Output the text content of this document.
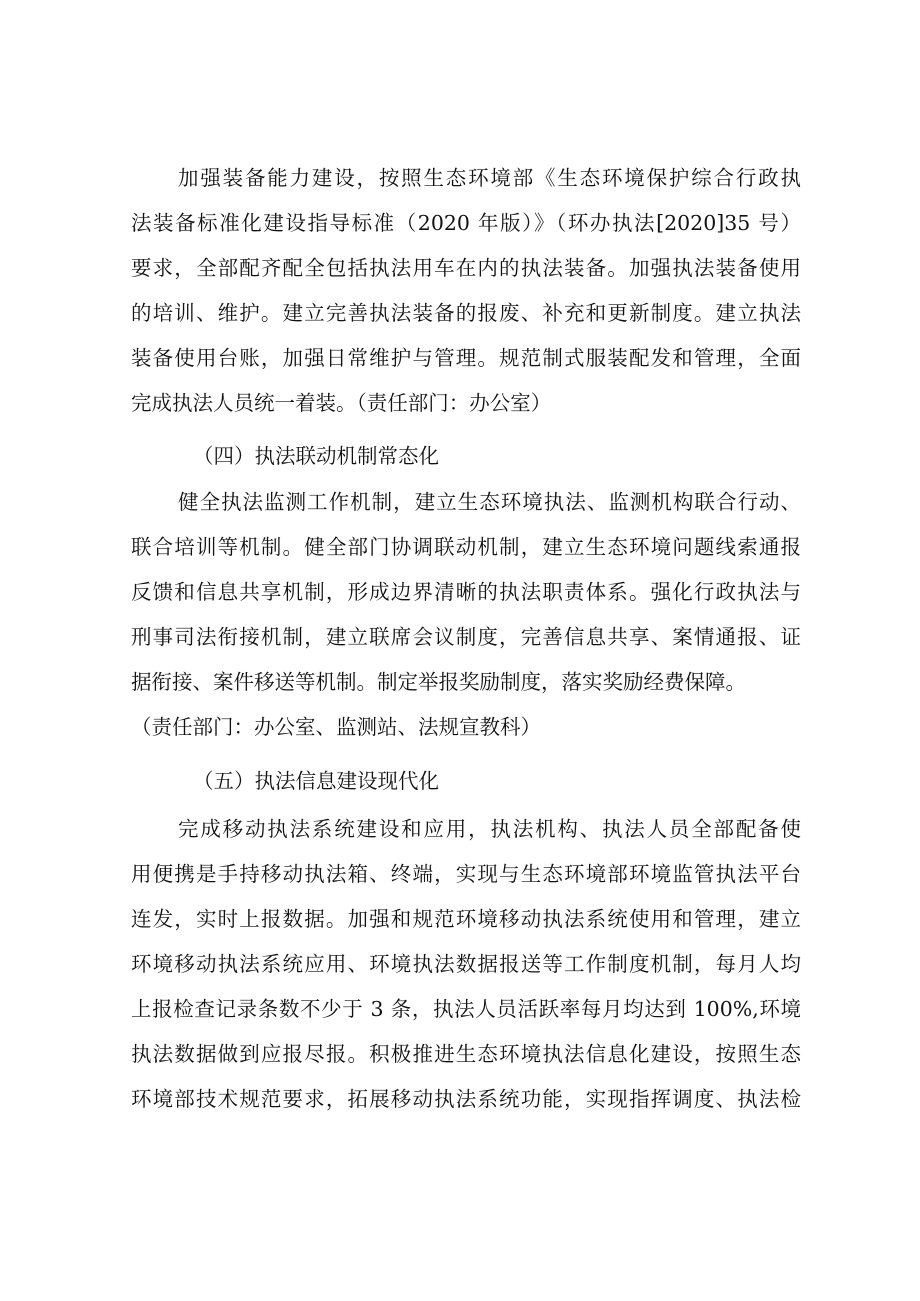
加强装备能力建设，按照生态环境部《生态环境保护综合行政执
法装备标准化建设指导标准（2020 年版）》（环办执法[2020]35 号）
要求，全部配齐配全包括执法用车在内的执法装备。加强执法装备使用
的培训、维护。建立完善执法装备的报废、补充和更新制度。建立执法
装备使用台账，加强日常维护与管理。规范制式服装配发和管理，全面
完成执法人员统一着装。（责任部门：办公室）
（四）执法联动机制常态化
健全执法监测工作机制，建立生态环境执法、监测机构联合行动、
联合培训等机制。健全部门协调联动机制，建立生态环境问题线索通报
反馈和信息共享机制，形成边界清晰的执法职责体系。强化行政执法与
刑事司法衔接机制，建立联席会议制度，完善信息共享、案情通报、证
据衔接、案件移送等机制。制定举报奖励制度，落实奖励经费保障。
（责任部门：办公室、监测站、法规宣教科）
（五）执法信息建设现代化
完成移动执法系统建设和应用，执法机构、执法人员全部配备使
用便携是手持移动执法箱、终端，实现与生态环境部环境监管执法平台
连发，实时上报数据。加强和规范环境移动执法系统使用和管理，建立
环境移动执法系统应用、环境执法数据报送等工作制度机制，每月人均
上报检查记录条数不少于 3 条，执法人员活跃率每月均达到 100%,环境
执法数据做到应报尽报。积极推进生态环境执法信息化建设，按照生态
环境部技术规范要求，拓展移动执法系统功能，实现指挥调度、执法检
